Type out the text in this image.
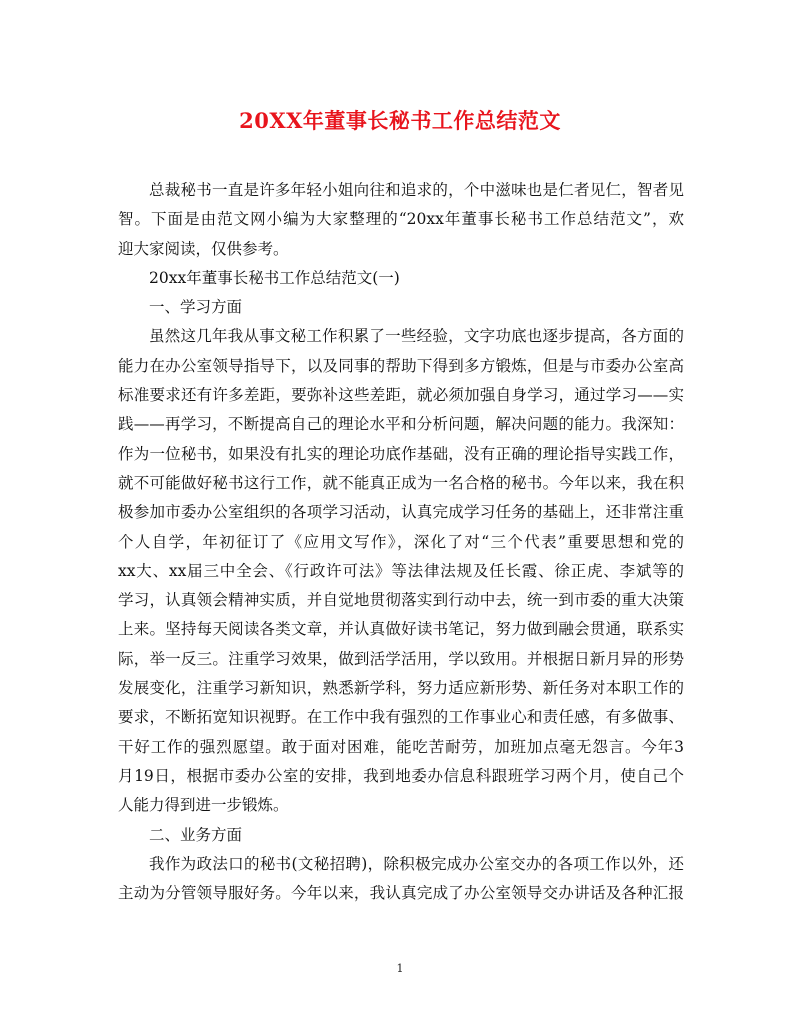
20XX年董事长秘书工作总结范文
总裁秘书一直是许多年轻小姐向往和追求的，个中滋味也是仁者见仁，智者见
智。下面是由范文网小编为大家整理的“20xx年董事长秘书工作总结范文”，欢
迎大家阅读，仅供参考。
20xx年董事长秘书工作总结范文(一)
一、学习方面
虽然这几年我从事文秘工作积累了一些经验，文字功底也逐步提高，各方面的
能力在办公室领导指导下，以及同事的帮助下得到多方锻炼，但是与市委办公室高
标准要求还有许多差距，要弥补这些差距，就必须加强自身学习，通过学习——实
践——再学习，不断提高自己的理论水平和分析问题，解决问题的能力。我深知：
作为一位秘书，如果没有扎实的理论功底作基础，没有正确的理论指导实践工作，
就不可能做好秘书这行工作，就不能真正成为一名合格的秘书。今年以来，我在积
极参加市委办公室组织的各项学习活动，认真完成学习任务的基础上，还非常注重
个人自学，年初征订了《应用文写作》，深化了对“三个代表”重要思想和党的
xx大、xx届三中全会、《行政许可法》等法律法规及任长霞、徐正虎、李斌等的
学习，认真领会精神实质，并自觉地贯彻落实到行动中去，统一到市委的重大决策
上来。坚持每天阅读各类文章，并认真做好读书笔记，努力做到融会贯通，联系实
际，举一反三。注重学习效果，做到活学活用，学以致用。并根据日新月异的形势
发展变化，注重学习新知识，熟悉新学科，努力适应新形势、新任务对本职工作的
要求，不断拓宽知识视野。在工作中我有强烈的工作事业心和责任感，有多做事、
干好工作的强烈愿望。敢于面对困难，能吃苦耐劳，加班加点毫无怨言。今年3
月19日，根据市委办公室的安排，我到地委办信息科跟班学习两个月，使自己个
人能力得到进一步锻炼。
二、业务方面
我作为政法口的秘书(文秘招聘)，除积极完成办公室交办的各项工作以外，还
主动为分管领导服好务。今年以来，我认真完成了办公室领导交办讲话及各种汇报
1
